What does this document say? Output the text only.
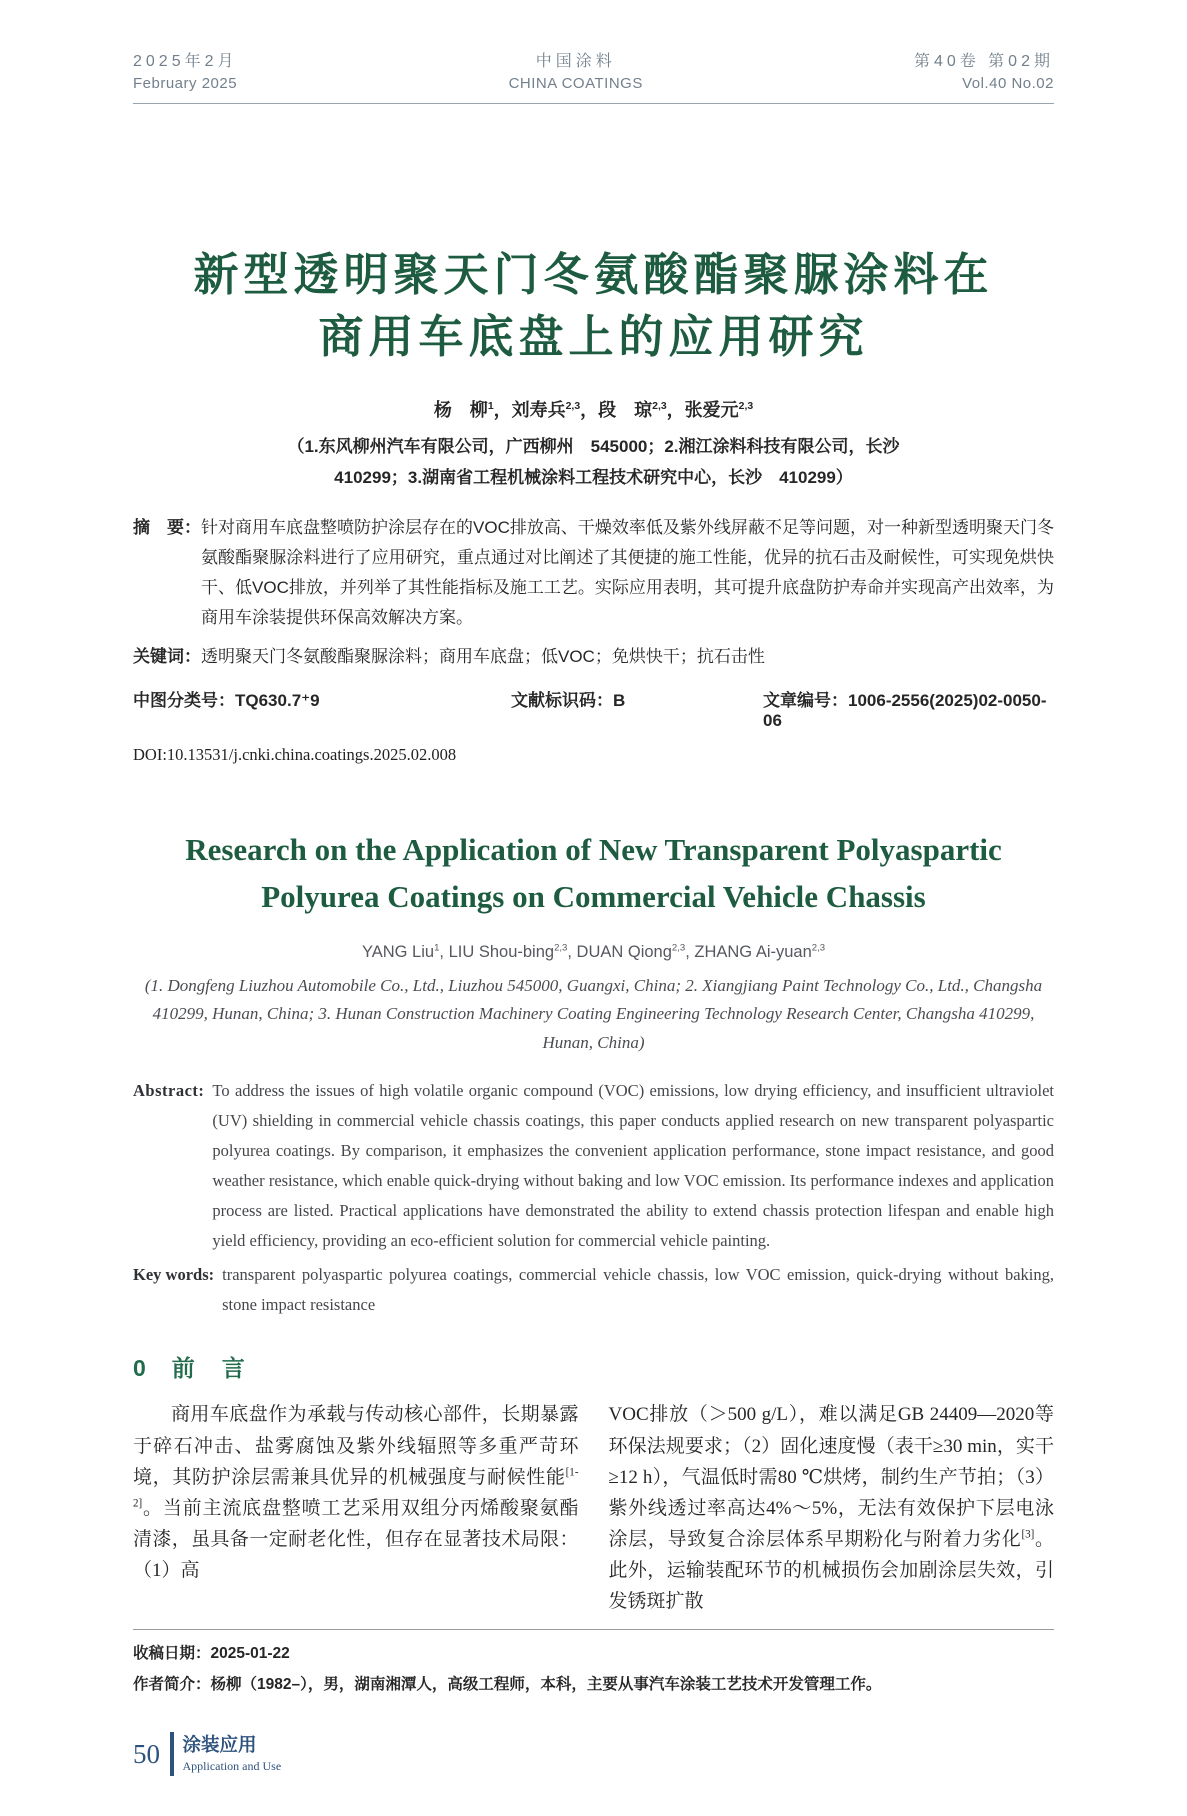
2025年2月
February 2025
中国涂料
CHINA COATINGS
第40卷 第02期
Vol.40 No.02
新型透明聚天门冬氨酸酯聚脲涂料在
商用车底盘上的应用研究
杨　柳$^1$，刘寿兵$^{2,3}$，段　琼$^{2,3}$，张爱元$^{2,3}$
（1.东风柳州汽车有限公司，广西柳州　545000；2.湘江涂料科技有限公司，长沙　410299；3.湖南省工程机械涂料工程技术研究中心，长沙　410299）
摘　要： 针对商用车底盘整喷防护涂层存在的VOC排放高、干燥效率低及紫外线屏蔽不足等问题，对一种新型透明聚天门冬氨酸酯聚脲涂料进行了应用研究，重点通过对比阐述了其便捷的施工性能，优异的抗石击及耐候性，可实现免烘快干、低VOC排放，并列举了其性能指标及施工工艺。实际应用表明，其可提升底盘防护寿命并实现高产出效率，为商用车涂装提供环保高效解决方案。
关键词： 透明聚天门冬氨酸酯聚脲涂料；商用车底盘；低VOC；免烘快干；抗石击性
中图分类号：TQ630.7⁺9	文献标识码：B	文章编号：1006-2556(2025)02-0050-06
DOI:10.13531/j.cnki.china.coatings.2025.02.008
Research on the Application of New Transparent Polyaspartic Polyurea Coatings on Commercial Vehicle Chassis
YANG Liu$^1$, LIU Shou-bing$^{2,3}$, DUAN Qiong$^{2,3}$, ZHANG Ai-yuan$^{2,3}$
(1. Dongfeng Liuzhou Automobile Co., Ltd., Liuzhou 545000, Guangxi, China; 2. Xiangjiang Paint Technology Co., Ltd., Changsha 410299, Hunan, China; 3. Hunan Construction Machinery Coating Engineering Technology Research Center, Changsha 410299, Hunan, China)
Abstract: To address the issues of high volatile organic compound (VOC) emissions, low drying efficiency, and insufficient ultraviolet (UV) shielding in commercial vehicle chassis coatings, this paper conducts applied research on new transparent polyaspartic polyurea coatings. By comparison, it emphasizes the convenient application performance, stone impact resistance, and good weather resistance, which enable quick-drying without baking and low VOC emission. Its performance indexes and application process are listed. Practical applications have demonstrated the ability to extend chassis protection lifespan and enable high yield efficiency, providing an eco-efficient solution for commercial vehicle painting.
Key words: transparent polyaspartic polyurea coatings, commercial vehicle chassis, low VOC emission, quick-drying without baking, stone impact resistance
0 前　言

商用车底盘作为承载与传动核心部件，长期暴露于碎石冲击、盐雾腐蚀及紫外线辐照等多重严苛环境，其防护涂层需兼具优异的机械强度与耐候性能[1-2]。当前主流底盘整喷工艺采用双组分丙烯酸聚氨酯清漆，虽具备一定耐老化性，但存在显著技术局限：（1）高

VOC排放（＞500 g/L），难以满足GB 24409—2020等环保法规要求；（2）固化速度慢（表干≥30 min，实干≥12 h），气温低时需80 ℃烘烤，制约生产节拍；（3）紫外线透过率高达4%～5%，无法有效保护下层电泳涂层，导致复合涂层体系早期粉化与附着力劣化[3]。此外，运输装配环节的机械损伤会加剧涂层失效，引发锈斑扩散

收稿日期：2025-01-22
作者简介：杨柳（1982–），男，湖南湘潭人，高级工程师，本科，主要从事汽车涂装工艺技术开发管理工作。
50 涂装应用
Application and Use
